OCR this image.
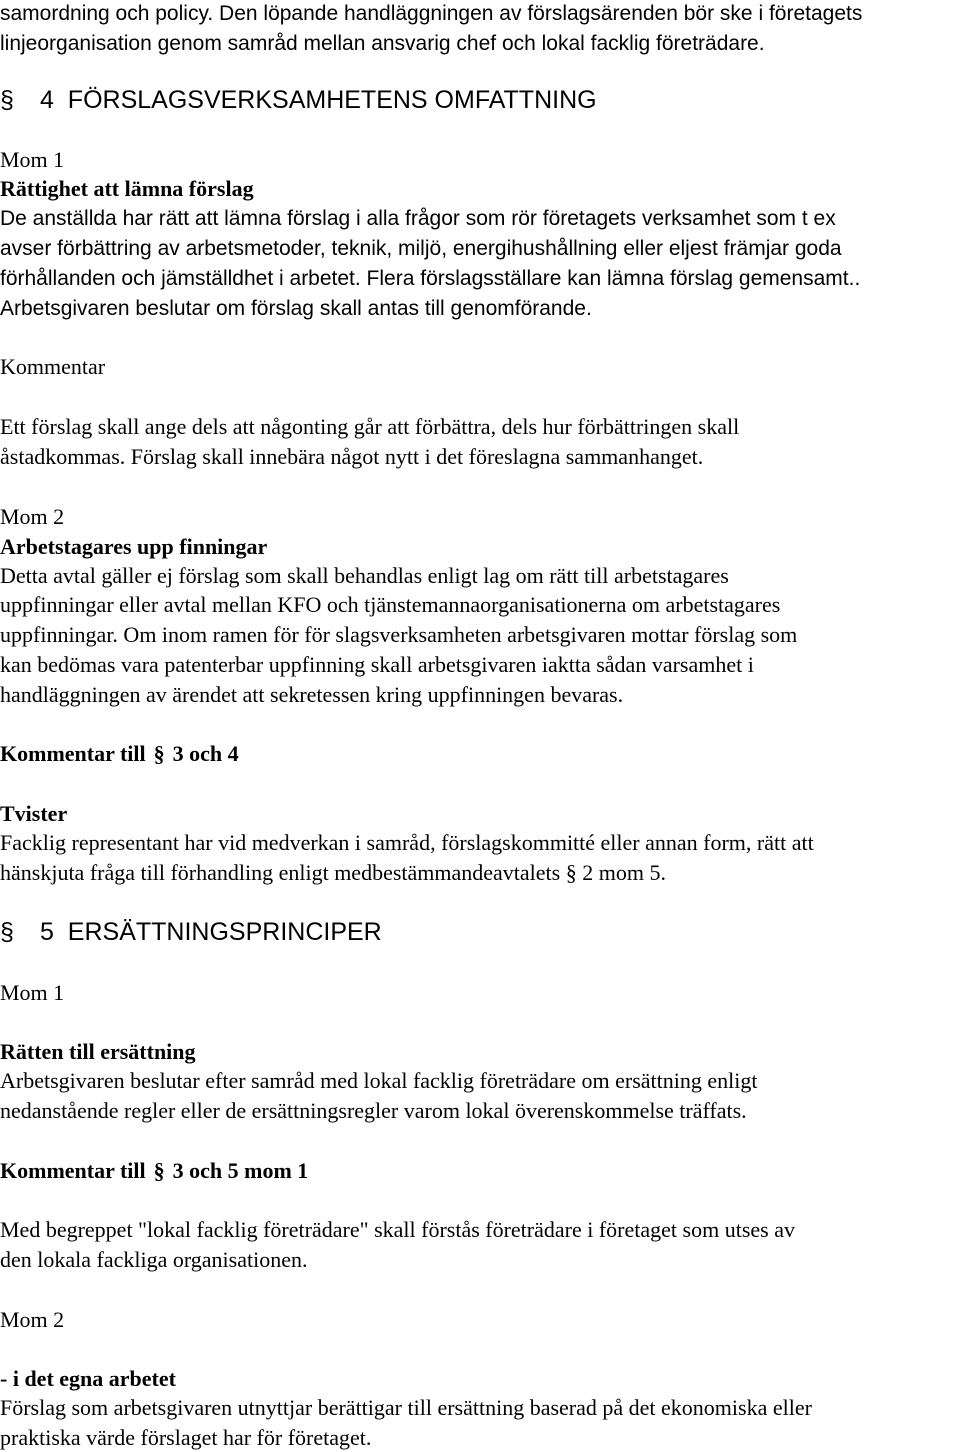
samordning och policy. Den löpande handläggningen av förslagsärenden bör ske i företagets
linjeorganisation genom samråd mellan ansvarig chef och lokal facklig företrädare.
§ 4  FÖRSLAGSVERKSAMHETENS OMFATTNING
Mom 1
Rättighet att lämna förslag
De anställda har rätt att lämna förslag i alla frågor som rör företagets verksamhet som t ex
avser förbättring av arbetsmetoder, teknik, miljö, energihushållning eller eljest främjar goda
förhållanden och jämställdhet i arbetet. Flera förslagsställare kan lämna förslag gemensamt..
Arbetsgivaren beslutar om förslag skall antas till genomförande.
Kommentar
Ett förslag skall ange dels att någonting går att förbättra, dels hur förbättringen skall
åstadkommas. Förslag skall innebära något nytt i det föreslagna sammanhanget.
Mom 2
Arbetstagares upp finningar
Detta avtal gäller ej förslag som skall behandlas enligt lag om rätt till arbetstagares
uppfinningar eller avtal mellan KFO och tjänstemannaorganisationerna om arbetstagares
uppfinningar. Om inom ramen för för slagsverksamheten arbetsgivaren mottar förslag som
kan bedömas vara patenterbar uppfinning skall arbetsgivaren iaktta sådan varsamhet i
handläggningen av ärendet att sekretessen kring uppfinningen bevaras.
Kommentar till § 3 och 4
Tvister
Facklig representant har vid medverkan i samråd, förslagskommitté eller annan form, rätt att
hänskjuta fråga till förhandling enligt medbestämmandeavtalets § 2 mom 5.
§ 5  ERSÄTTNINGSPRINCIPER
Mom 1
Rätten till ersättning
Arbetsgivaren beslutar efter samråd med lokal facklig företrädare om ersättning enligt
nedanstående regler eller de ersättningsregler varom lokal överenskommelse träffats.
Kommentar till § 3 och 5 mom 1
Med begreppet "lokal facklig företrädare" skall förstås företrädare i företaget som utses av
den lokala fackliga organisationen.
Mom 2
- i det egna arbetet
Förslag som arbetsgivaren utnyttjar berättigar till ersättning baserad på det ekonomiska eller
praktiska värde förslaget har för företaget.
